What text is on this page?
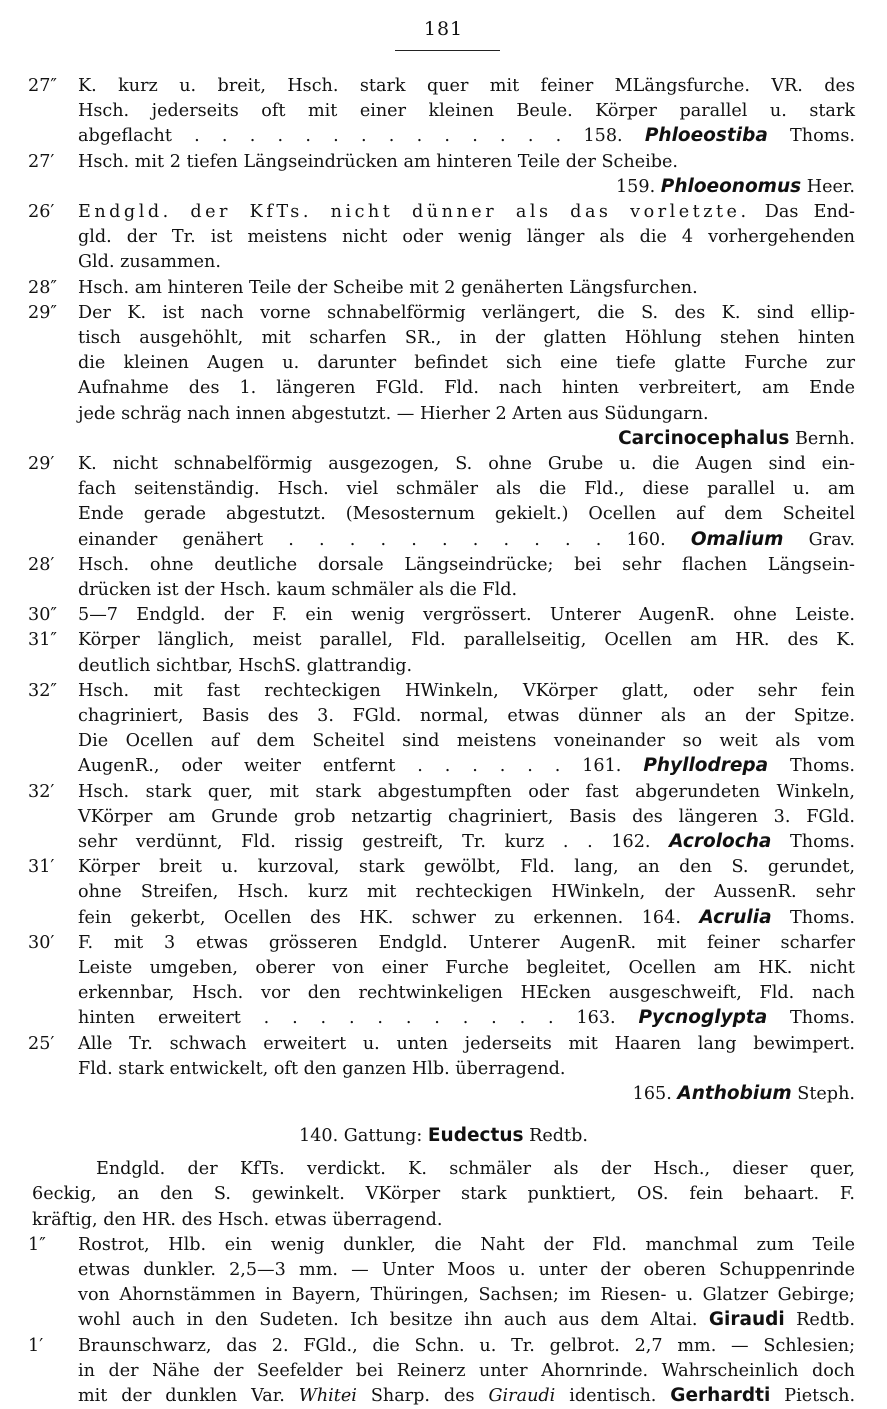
181
27″ K. kurz u. breit, Hsch. stark quer mit feiner MLängsfurche. VR. des
Hsch. jederseits oft mit einer kleinen Beule. Körper parallel u. stark
abgeflacht . . . . . . . . . . . . . . 158. Phloeostiba Thoms.
27′ Hsch. mit 2 tiefen Längseindrücken am hinteren Teile der Scheibe.
159. Phloeonomus Heer.
26′ Endgld. der KfTs. nicht dünner als das vorletzte. Das End-
gld. der Tr. ist meistens nicht oder wenig länger als die 4 vorhergehenden
Gld. zusammen.
28″ Hsch. am hinteren Teile der Scheibe mit 2 genäherten Längsfurchen.
29″ Der K. ist nach vorne schnabelförmig verlängert, die S. des K. sind ellip-
tisch ausgehöhlt, mit scharfen SR., in der glatten Höhlung stehen hinten
die kleinen Augen u. darunter befindet sich eine tiefe glatte Furche zur
Aufnahme des 1. längeren FGld. Fld. nach hinten verbreitert, am Ende
jede schräg nach innen abgestutzt. — Hierher 2 Arten aus Südungarn.
Carcinocephalus Bernh.
29′ K. nicht schnabelförmig ausgezogen, S. ohne Grube u. die Augen sind ein-
fach seitenständig. Hsch. viel schmäler als die Fld., diese parallel u. am
Ende gerade abgestutzt. (Mesosternum gekielt.) Ocellen auf dem Scheitel
einander genähert . . . . . . . . . . . 160. Omalium Grav.
28′ Hsch. ohne deutliche dorsale Längseindrücke; bei sehr flachen Längsein-
drücken ist der Hsch. kaum schmäler als die Fld.
30″ 5—7 Endgld. der F. ein wenig vergrössert. Unterer AugenR. ohne Leiste.
31″ Körper länglich, meist parallel, Fld. parallelseitig, Ocellen am HR. des K.
deutlich sichtbar, HschS. glattrandig.
32″ Hsch. mit fast rechteckigen HWinkeln, VKörper glatt, oder sehr fein
chagriniert, Basis des 3. FGld. normal, etwas dünner als an der Spitze.
Die Ocellen auf dem Scheitel sind meistens voneinander so weit als vom
AugenR., oder weiter entfernt . . . . . . 161. Phyllodrepa Thoms.
32′ Hsch. stark quer, mit stark abgestumpften oder fast abgerundeten Winkeln,
VKörper am Grunde grob netzartig chagriniert, Basis des längeren 3. FGld.
sehr verdünnt, Fld. rissig gestreift, Tr. kurz . . 162. Acrolocha Thoms.
31′ Körper breit u. kurzoval, stark gewölbt, Fld. lang, an den S. gerundet,
ohne Streifen, Hsch. kurz mit rechteckigen HWinkeln, der AussenR. sehr
fein gekerbt, Ocellen des HK. schwer zu erkennen. 164. Acrulia Thoms.
30′ F. mit 3 etwas grösseren Endgld. Unterer AugenR. mit feiner scharfer
Leiste umgeben, oberer von einer Furche begleitet, Ocellen am HK. nicht
erkennbar, Hsch. vor den rechtwinkeligen HEcken ausgeschweift, Fld. nach
hinten erweitert . . . . . . . . . . . 163. Pycnoglypta Thoms.
25′ Alle Tr. schwach erweitert u. unten jederseits mit Haaren lang bewimpert.
Fld. stark entwickelt, oft den ganzen Hlb. überragend.
165. Anthobium Steph.
140. Gattung: Eudectus Redtb.
Endgld. der KfTs. verdickt. K. schmäler als der Hsch., dieser quer,
6eckig, an den S. gewinkelt. VKörper stark punktiert, OS. fein behaart. F.
kräftig, den HR. des Hsch. etwas überragend.
1″ Rostrot, Hlb. ein wenig dunkler, die Naht der Fld. manchmal zum Teile
etwas dunkler. 2,5—3 mm. — Unter Moos u. unter der oberen Schuppenrinde
von Ahornstämmen in Bayern, Thüringen, Sachsen; im Riesen- u. Glatzer Gebirge;
wohl auch in den Sudeten. Ich besitze ihn auch aus dem Altai. Giraudi Redtb.
1′ Braunschwarz, das 2. FGld., die Schn. u. Tr. gelbrot. 2,7 mm. — Schlesien;
in der Nähe der Seefelder bei Reinerz unter Ahornrinde. Wahrscheinlich doch
mit der dunklen Var. Whitei Sharp. des Giraudi identisch. Gerhardti Pietsch.
